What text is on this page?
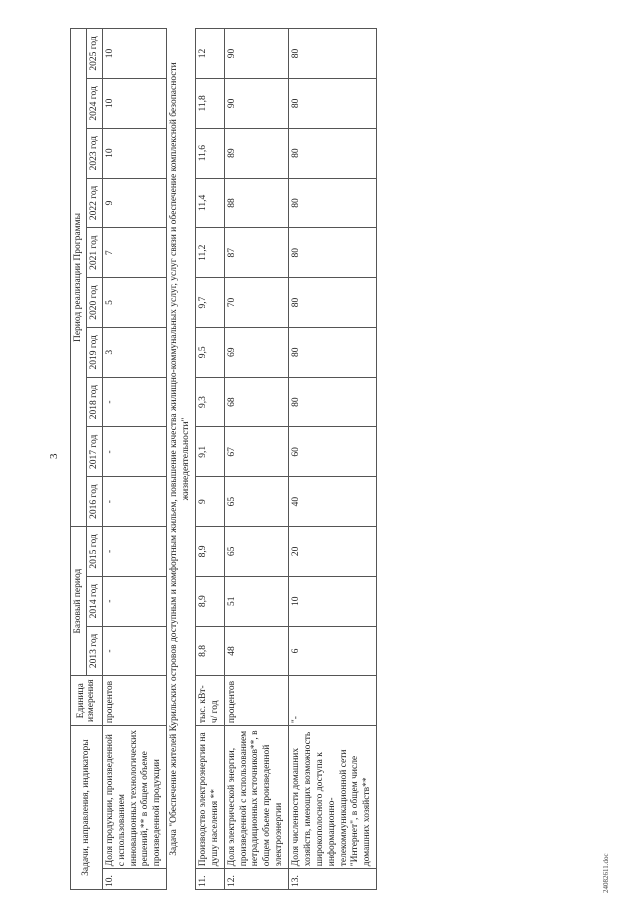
3
Задачи, направления, индикаторы		Единица измерения	Базовый период			Период реализации Программы									
			2013 год	2014 год	2015 год	2016 год	2017 год	2018 год	2019 год	2020 год	2021 год	2022 год	2023 год	2024 год	2025 год
10.	Доля продукции, произведенной с использованием инновационных технологических решений,** в общем объеме произведенной продукции	процентов	-	-	-	-	-	-	3	5	7	9	10	10	10
Задача "Обеспечение жителей Курильских островов доступным и комфортным жильем, повышение качества жилищно-коммунальных услуг, услуг связи и обеспечение комплексной безопасности жизнедеятельности"															
11.	Производство электроэнергии на душу населения **	тыс. кВт-ч/ год	8,8	8,9	8,9	9	9,1	9,3	9,5	9,7	11,2	11,4	11,6	11,8	12
12.	Доля электрической энергии, произведенной с использованием нетрадиционных источников**, в общем объеме произведенной электроэнергии	процентов	48	51	65	65	67	68	69	70	87	88	89	90	90
13.	Доля численности домашних хозяйств, имеющих возможность широкополосного доступа к информационно-телекоммуникационной сети "Интернет", в общем числе домашних хозяйств**	"-	6	10	20	40	60	80	80	80	80	80	80	80	80
24082611.doc
